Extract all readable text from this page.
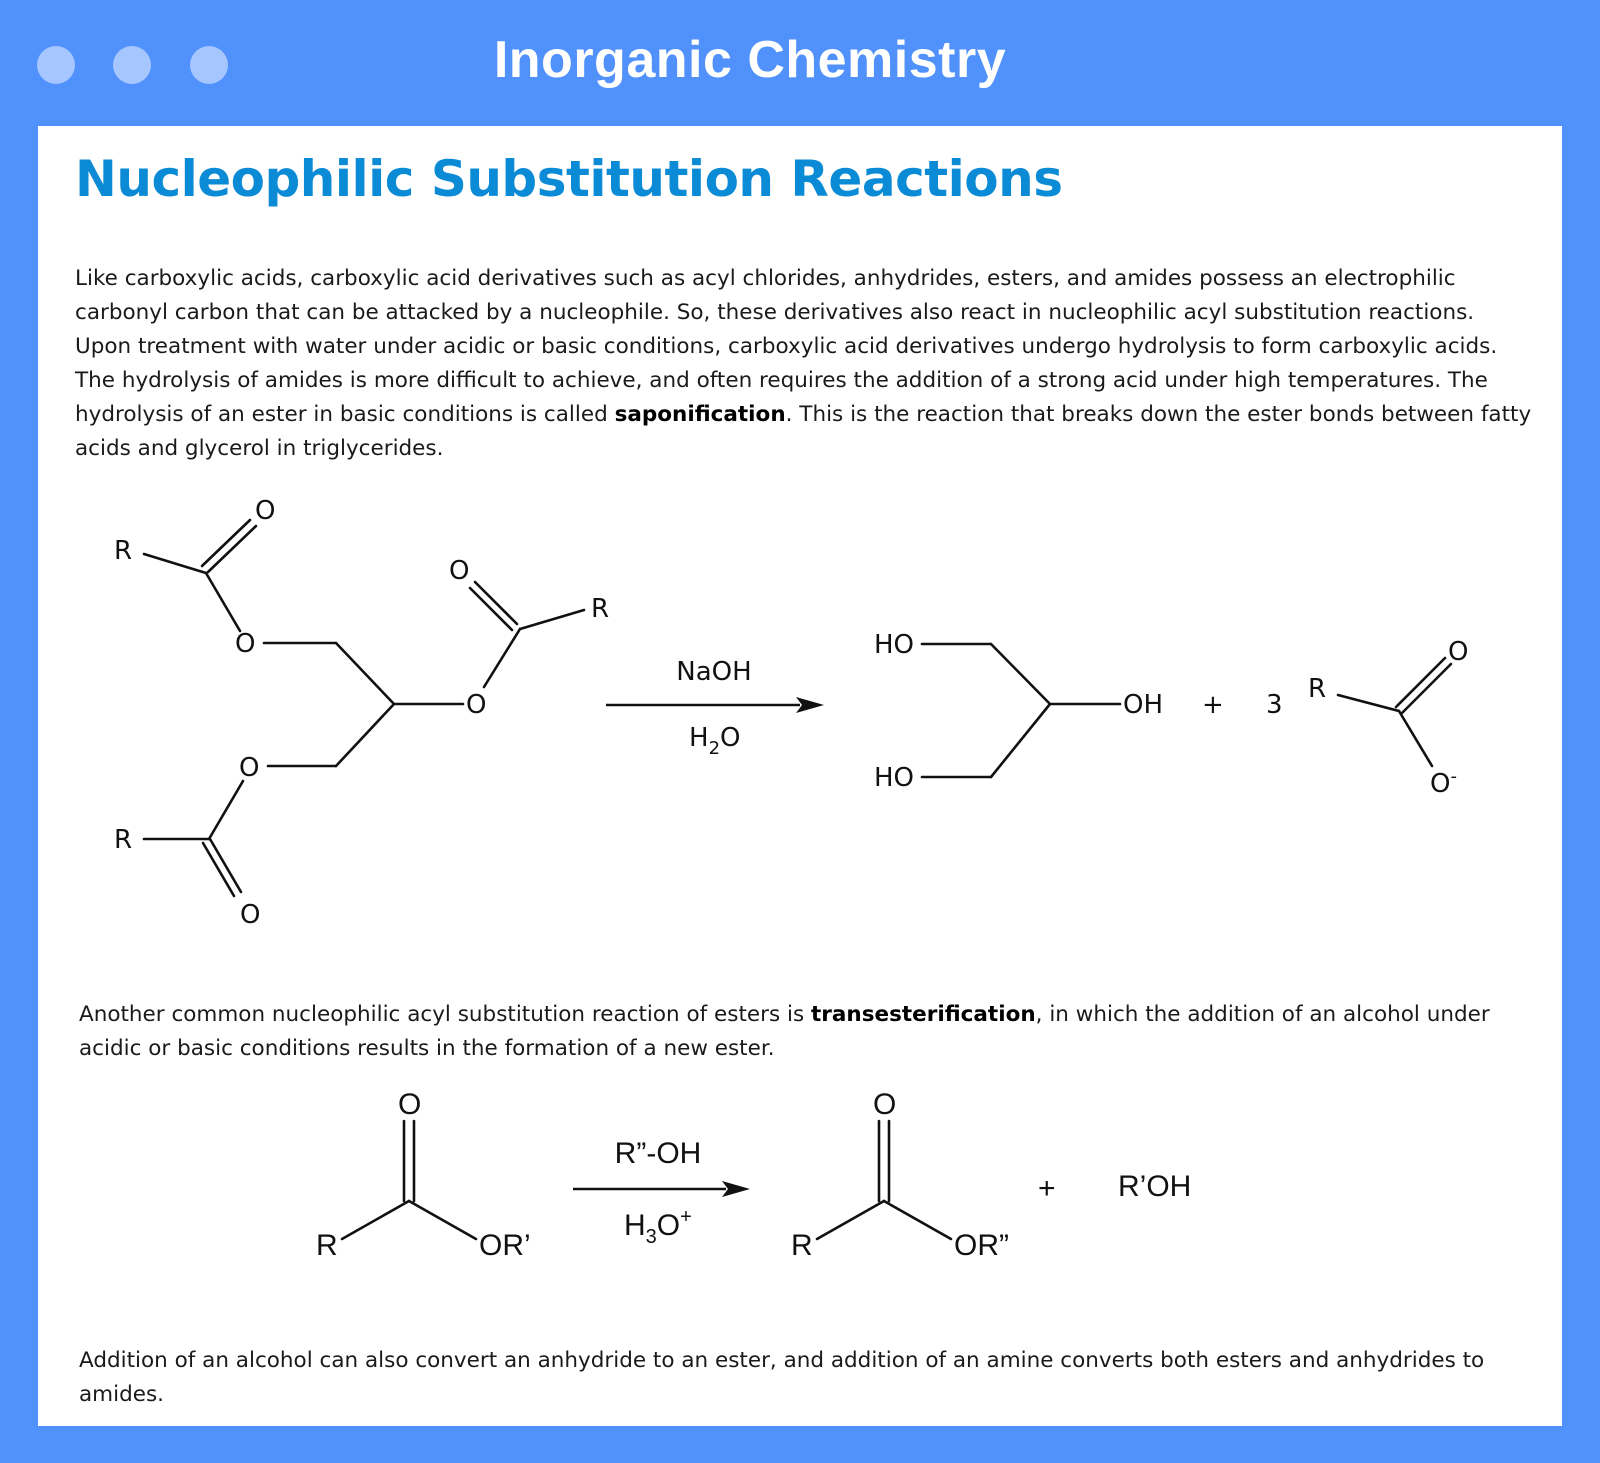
Inorganic Chemistry
Nucleophilic Substitution Reactions

Like carboxylic acids, carboxylic acid derivatives such as acyl chlorides, anhydrides, esters, and amides possess an electrophilic carbonyl carbon that can be attacked by a nucleophile. So, these derivatives also react in nucleophilic acyl substitution reactions. Upon treatment with water under acidic or basic conditions, carboxylic acid derivatives undergo hydrolysis to form carboxylic acids. The hydrolysis of amides is more difficult to achieve, and often requires the addition of a strong acid under high temperatures. The hydrolysis of an ester in basic conditions is called saponification. This is the reaction that breaks down the ester bonds between fatty acids and glycerol in triglycerides.

R
O
O
O
R
O
O
R
O
NaOH
$H_2O$
HO
OH
HO
+ 3
R
O
O-

Another common nucleophilic acyl substitution reaction of esters is transesterification, in which the addition of an alcohol under acidic or basic conditions results in the formation of a new ester.

O
R	OR’
R”-OH
$H_3O^+$
O
R	OR”
+ R’OH

Addition of an alcohol can also convert an anhydride to an ester, and addition of an amine converts both esters and anhydrides to amides.
